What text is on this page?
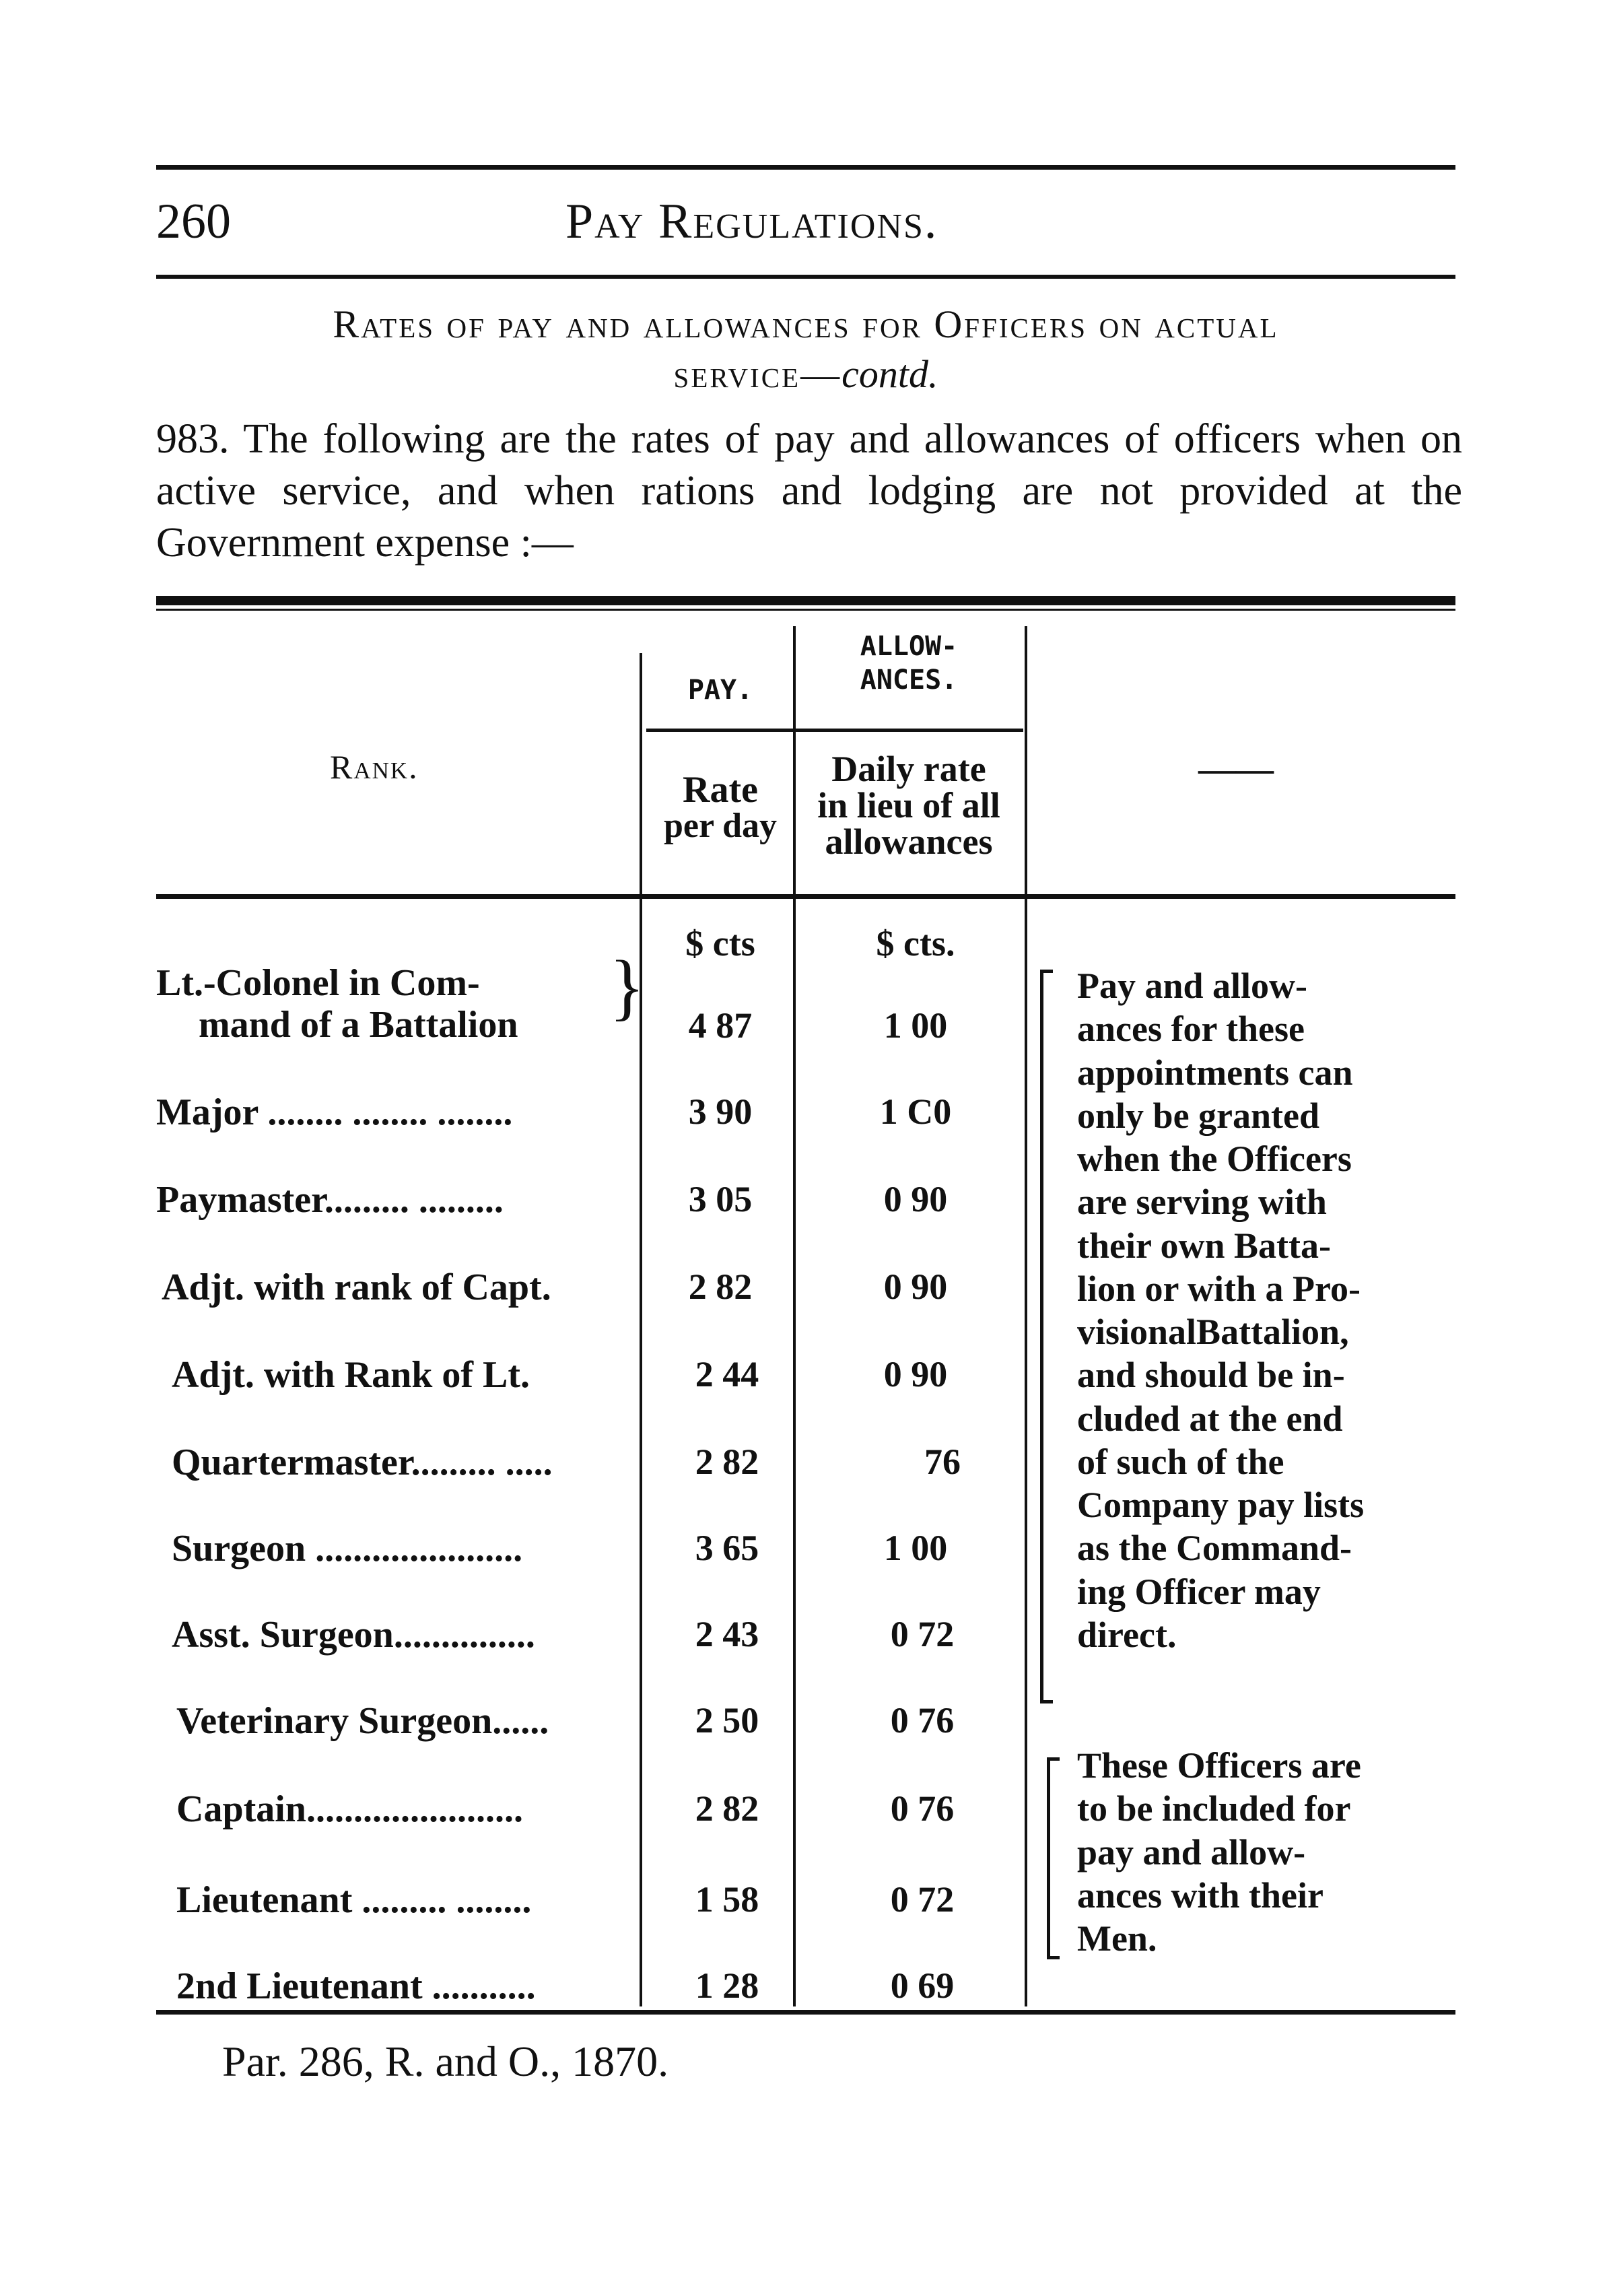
260	Pay Regulations.
Rates of pay and allowances for Officers on actual
service—contd.
983. The following are the rates of pay and allowances of officers when on active service, and when rations and lodging are not provided at the Government expense :—
PAY.
ALLOW-
ANCES.
Rank.
Rate
per day
Daily rate
in lieu of all
allowances
——
$ cts	$ cts.
Lt.-Colonel in Com-
mand of a Battalion }	4 87	1 00
Major ........ ........ ........	3 90	1 C0
Paymaster......... .........	3 05	0 90
Adjt. with rank of Capt.	2 82	0 90
Adjt. with Rank of Lt.	2 44	0 90
Quartermaster......... .....	2 82	76
Surgeon ......................	3 65	1 00
Asst. Surgeon...............	2 43	0 72
Veterinary Surgeon......	2 50	0 76
Captain.......................	2 82	0 76
Lieutenant ......... ........	1 58	0 72
2nd Lieutenant ...........	1 28	0 69
Pay and allow-
ances for these
appointments can
only be granted
when the Officers
are serving with
their own Batta-
lion or with a Pro-
visionalBattalion,
and should be in-
cluded at the end
of such of the
Company pay lists
as the Command-
ing Officer may
direct.
These Officers are
to be included for
pay and allow-
ances with their
Men.
Par. 286, R. and O., 1870.
